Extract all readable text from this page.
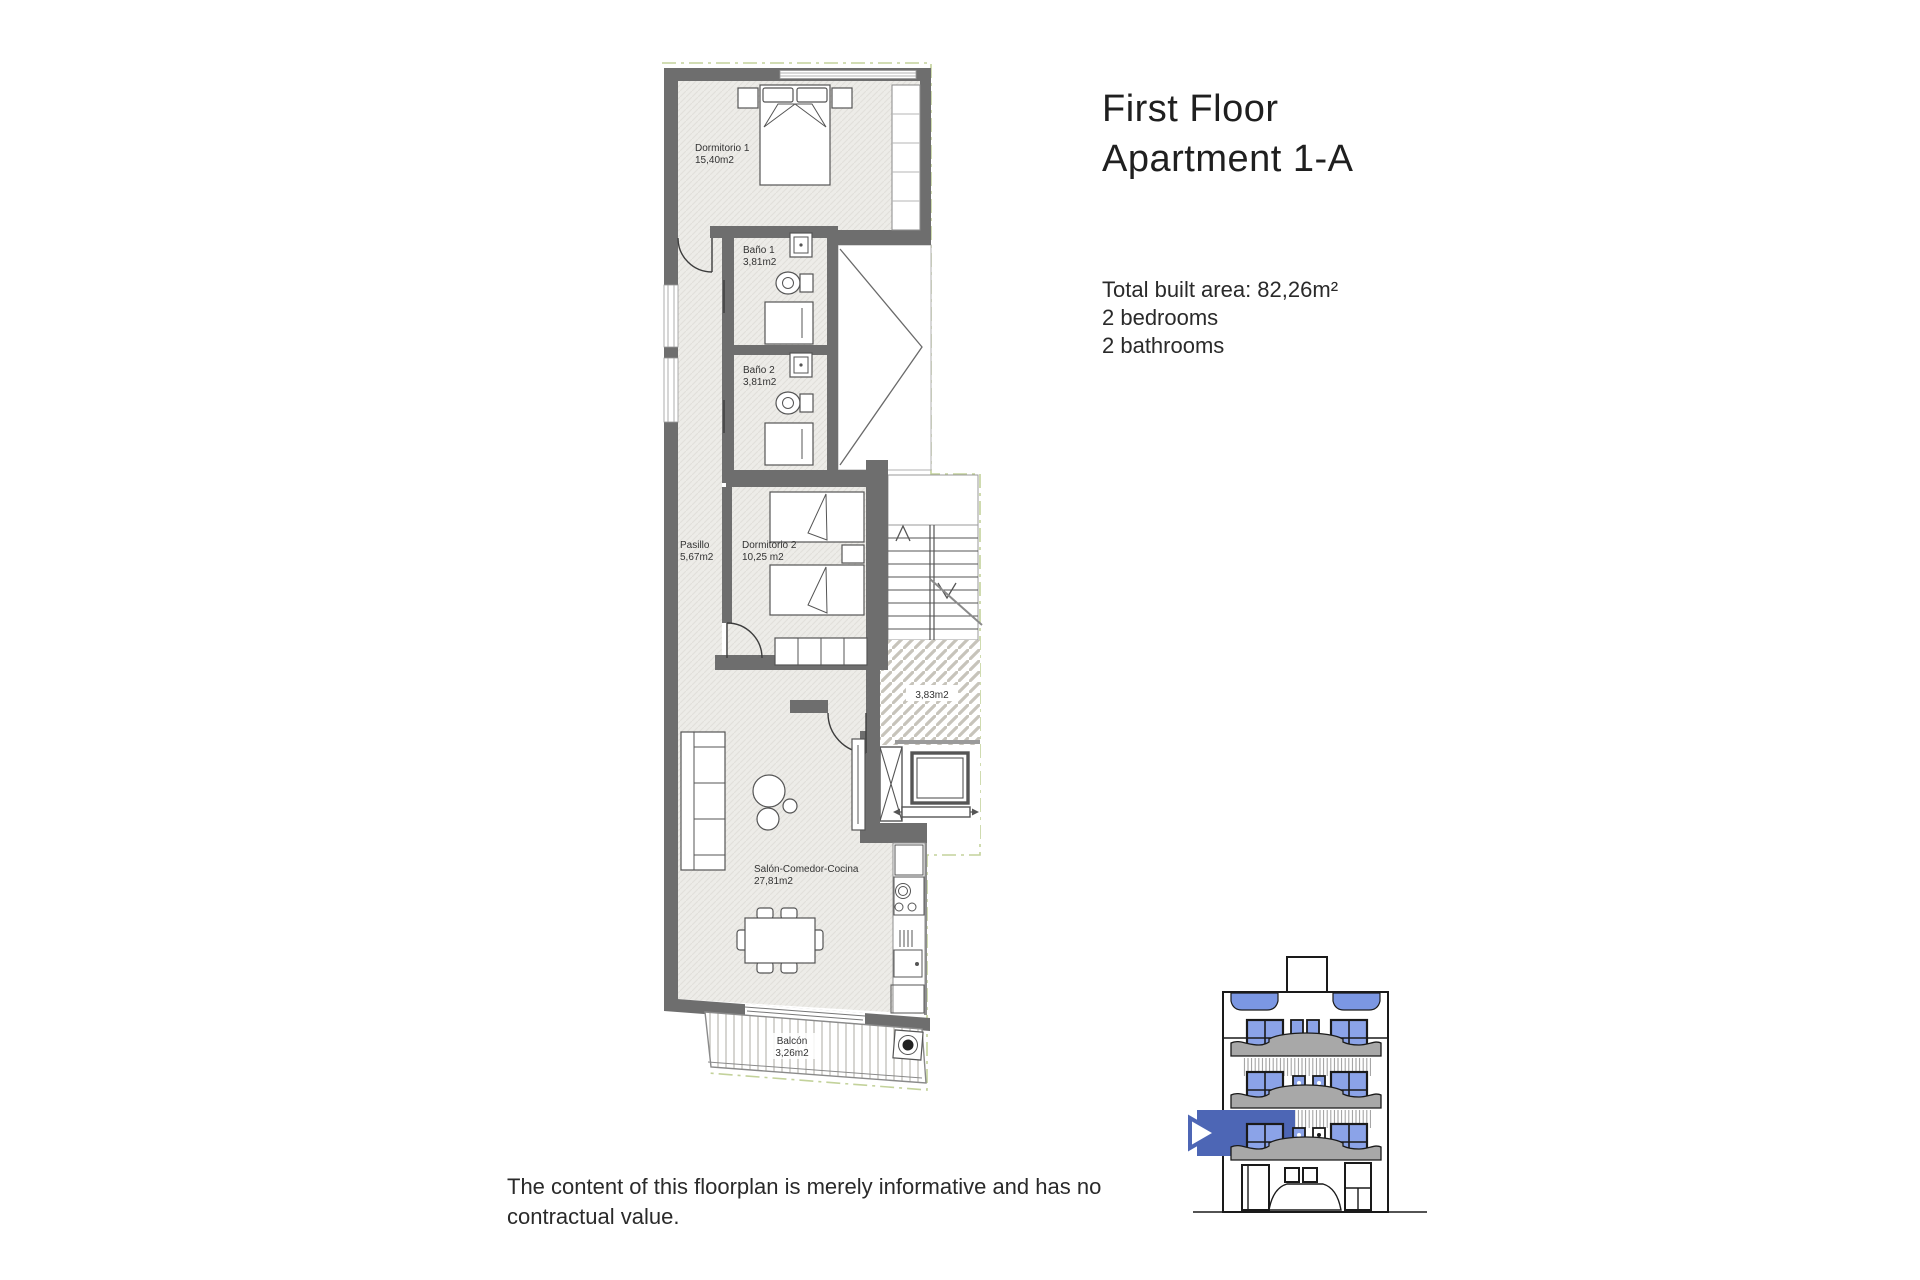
Dormitorio 1
15,40m2
Baño 1
3,81m2
Baño 2
3,81m2
Pasillo
5,67m2
Dormitorio 2
10,25 m2
Salón-Comedor-Cocina
27,81m2
3,83m2
Balcón
3,26m2
First Floor
Apartment 1-A
Total built area: 82,26m²
2 bedrooms
2 bathrooms
The content of this floorplan is merely informative and has no contractual value.
